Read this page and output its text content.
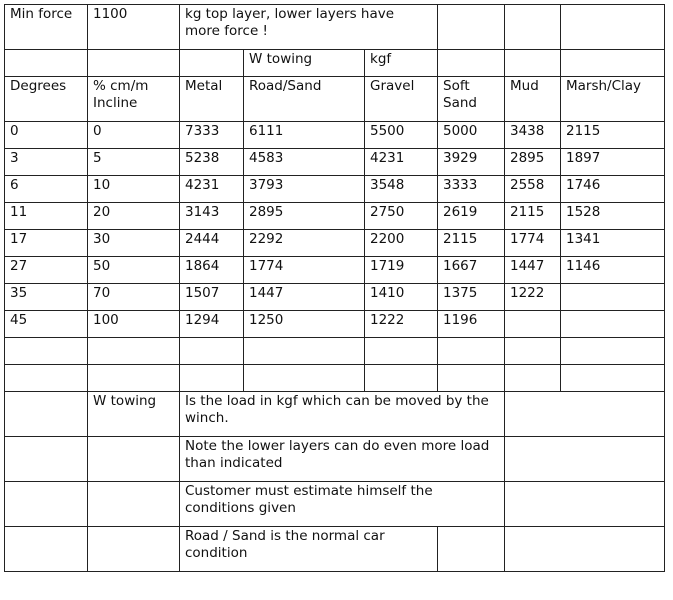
Min force	1100	kg top layer, lower layers have more force !					
			W towing	kgf			
Degrees	% cm/m Incline	Metal	Road/Sand	Gravel	Soft Sand	Mud	Marsh/Clay
0	0	7333	6111	5500	5000	3438	2115
3	5	5238	4583	4231	3929	2895	1897
6	10	4231	3793	3548	3333	2558	1746
11	20	3143	2895	2750	2619	2115	1528
17	30	2444	2292	2200	2115	1774	1341
27	50	1864	1774	1719	1667	1447	1146
35	70	1507	1447	1410	1375	1222	
45	100	1294	1250	1222	1196		

	W towing	Is the load in kgf which can be moved by the winch.					
		Note the lower layers can do even more load than indicated					
		Customer must estimate himself the conditions given					
		Road / Sand is the normal car condition					
